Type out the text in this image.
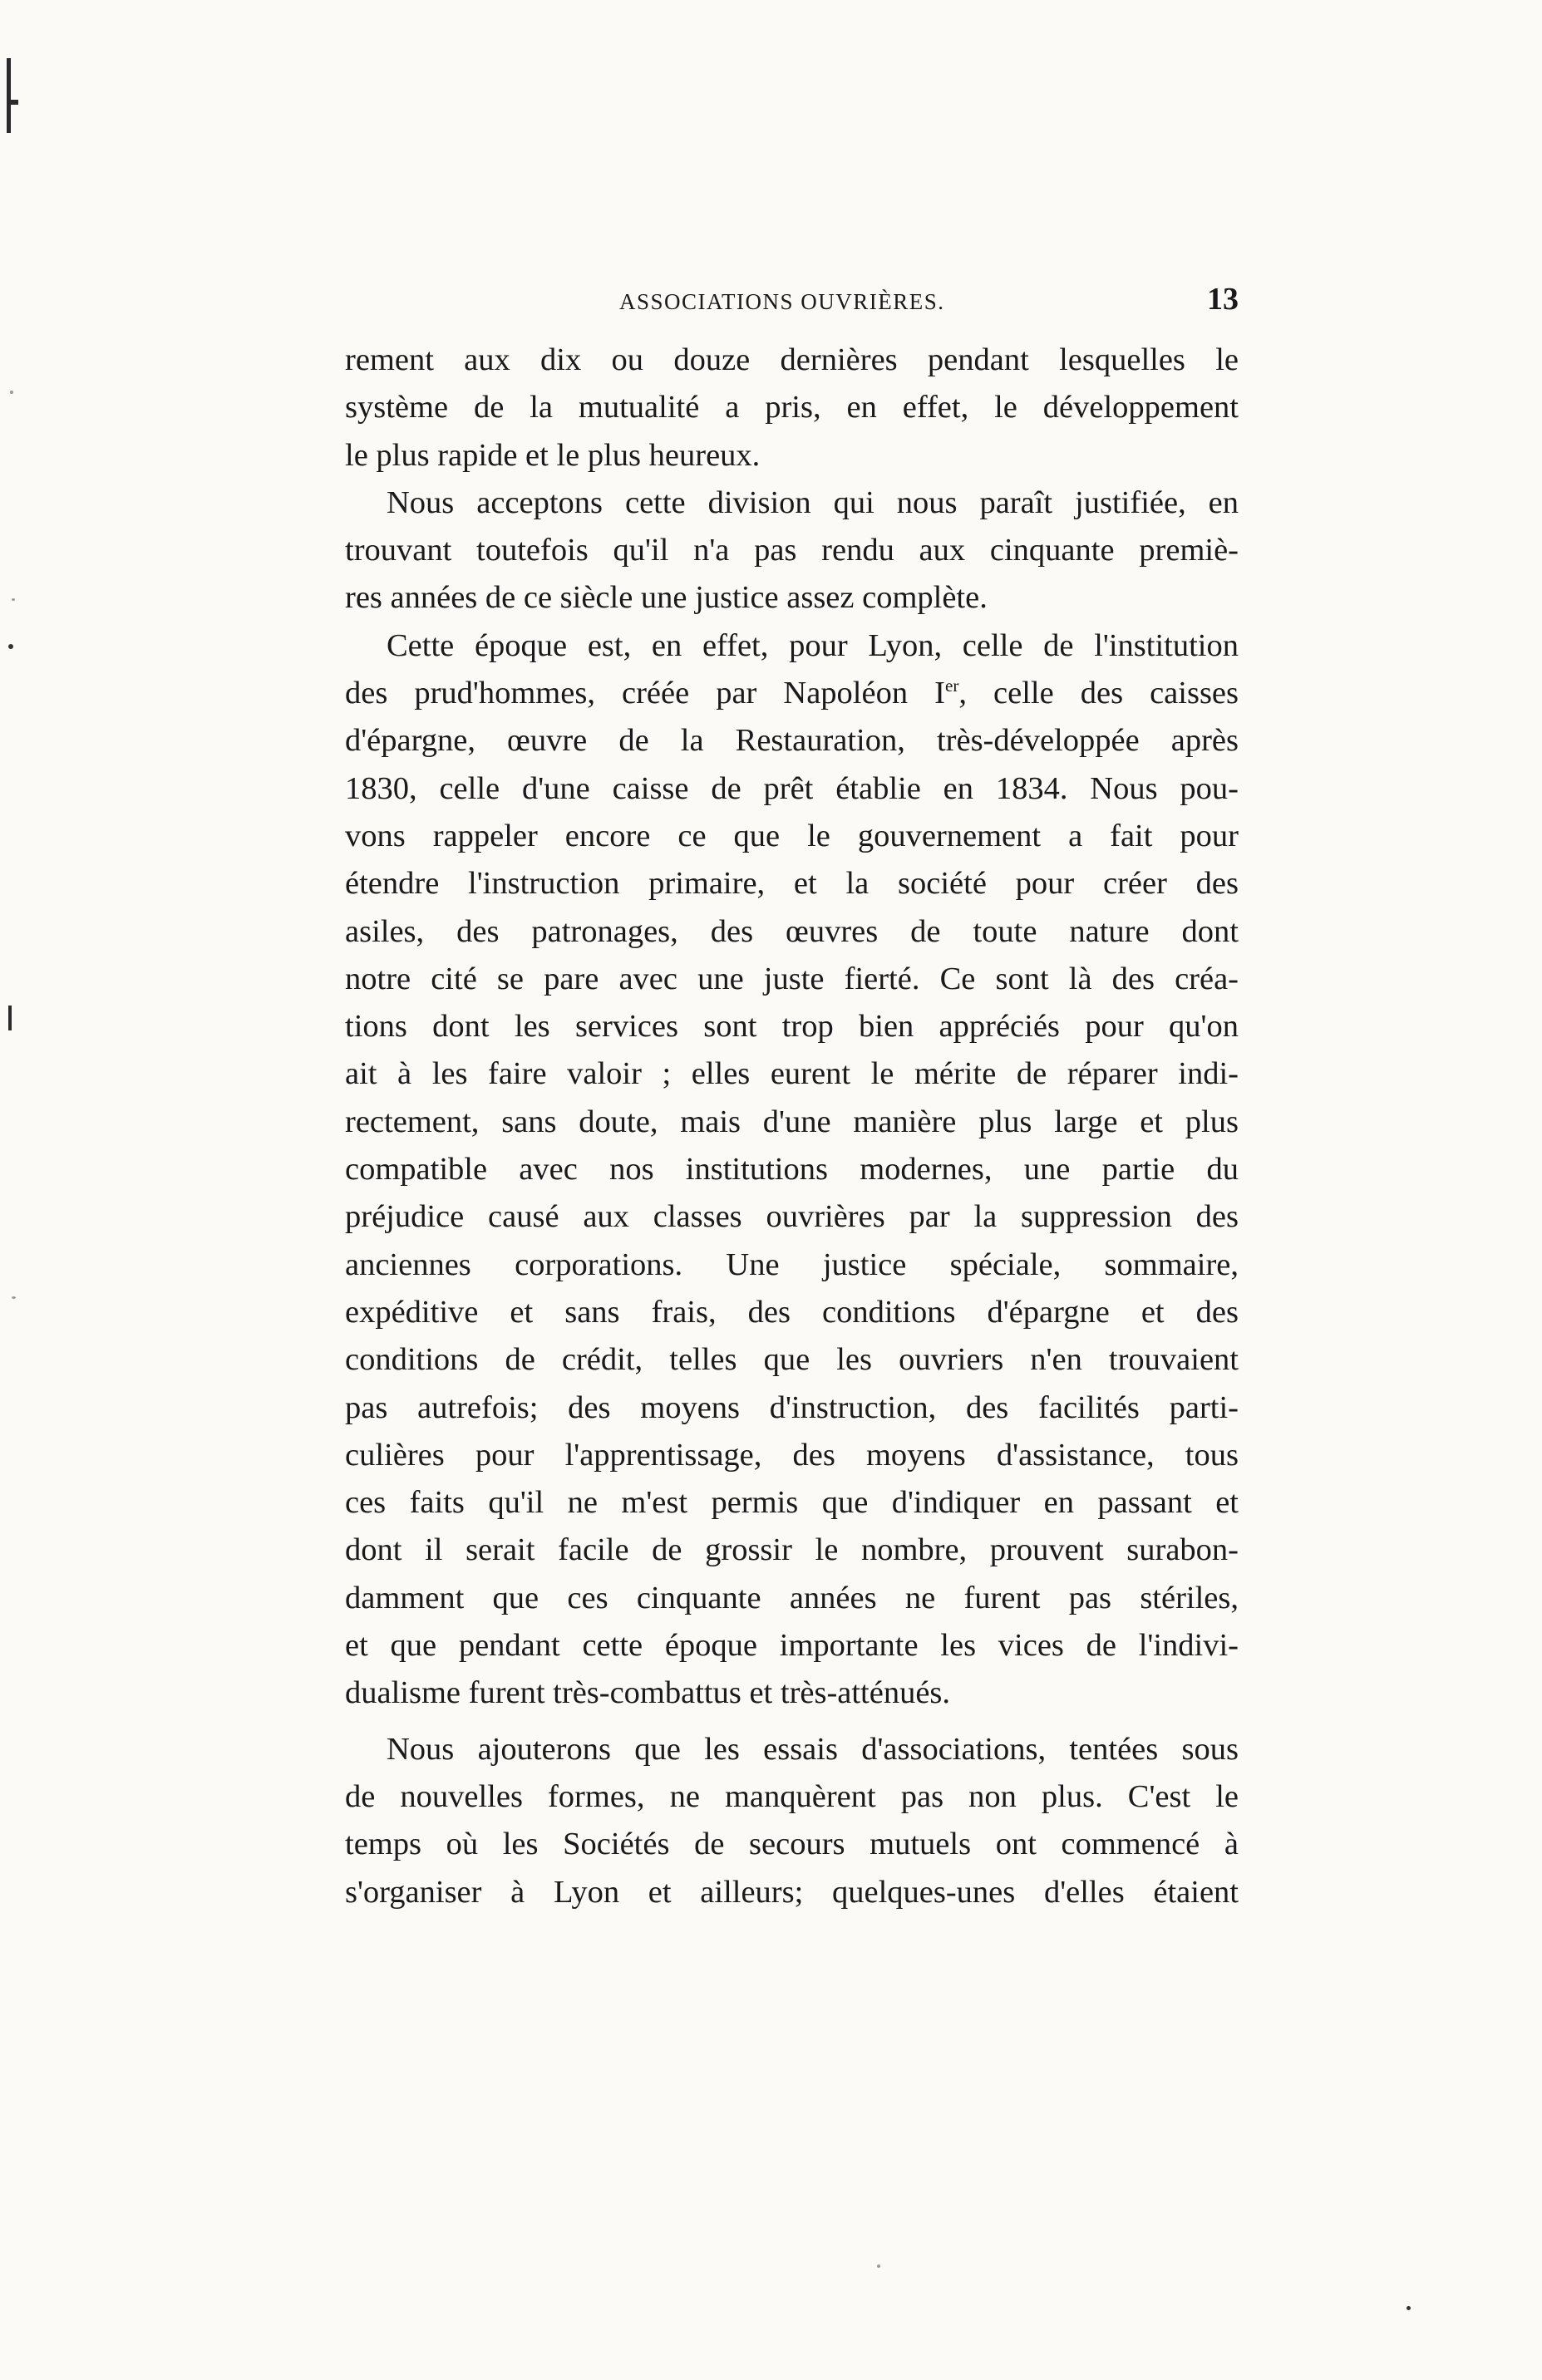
ASSOCIATIONS OUVRIÈRES.	13
rement aux dix ou douze dernières pendant lesquelles le
système de la mutualité a pris, en effet, le développement
le plus rapide et le plus heureux.
Nous acceptons cette division qui nous paraît justifiée, en
trouvant toutefois qu'il n'a pas rendu aux cinquante premiè-
res années de ce siècle une justice assez complète.
Cette époque est, en effet, pour Lyon, celle de l'institution
des prud'hommes, créée par Napoléon Ier, celle des caisses
d'épargne, œuvre de la Restauration, très-développée après
1830, celle d'une caisse de prêt établie en 1834. Nous pou-
vons rappeler encore ce que le gouvernement a fait pour
étendre l'instruction primaire, et la société pour créer des
asiles, des patronages, des œuvres de toute nature dont
notre cité se pare avec une juste fierté. Ce sont là des créa-
tions dont les services sont trop bien appréciés pour qu'on
ait à les faire valoir ; elles eurent le mérite de réparer indi-
rectement, sans doute, mais d'une manière plus large et plus
compatible avec nos institutions modernes, une partie du
préjudice causé aux classes ouvrières par la suppression des
anciennes corporations. Une justice spéciale, sommaire,
expéditive et sans frais, des conditions d'épargne et des
conditions de crédit, telles que les ouvriers n'en trouvaient
pas autrefois; des moyens d'instruction, des facilités parti-
culières pour l'apprentissage, des moyens d'assistance, tous
ces faits qu'il ne m'est permis que d'indiquer en passant et
dont il serait facile de grossir le nombre, prouvent surabon-
damment que ces cinquante années ne furent pas stériles,
et que pendant cette époque importante les vices de l'indivi-
dualisme furent très-combattus et très-atténués.
Nous ajouterons que les essais d'associations, tentées sous
de nouvelles formes, ne manquèrent pas non plus. C'est le
temps où les Sociétés de secours mutuels ont commencé à
s'organiser à Lyon et ailleurs; quelques-unes d'elles étaient
